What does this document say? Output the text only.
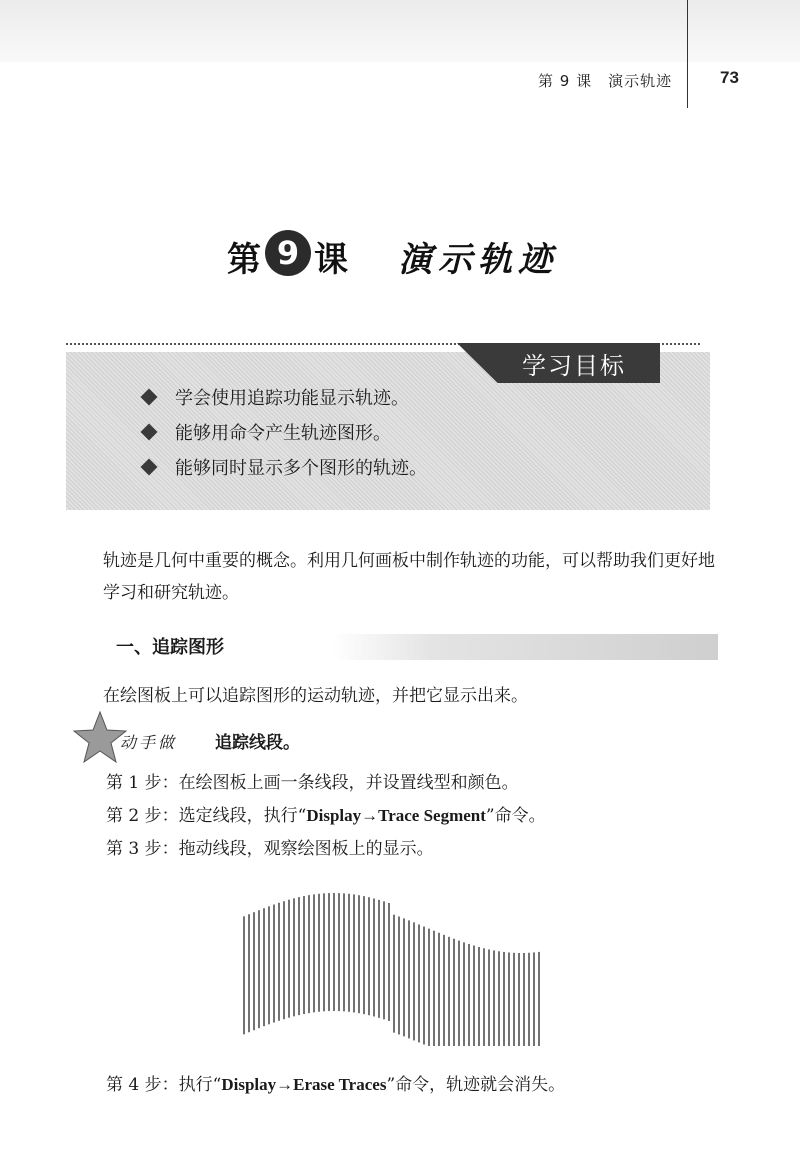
第 9 课　演示轨迹	73
第 9 课 演示轨迹
学习目标
学会使用追踪功能显示轨迹。
能够用命令产生轨迹图形。
能够同时显示多个图形的轨迹。
轨迹是几何中重要的概念。利用几何画板中制作轨迹的功能，可以帮助我们更好地学习和研究轨迹。
一、追踪图形
在绘图板上可以追踪图形的运动轨迹，并把它显示出来。
动手做 追踪线段。
第 1 步：在绘图板上画一条线段，并设置线型和颜色。
第 2 步：选定线段，执行“Display→Trace Segment”命令。
第 3 步：拖动线段，观察绘图板上的显示。
第 4 步：执行“Display→Erase Traces”命令，轨迹就会消失。
